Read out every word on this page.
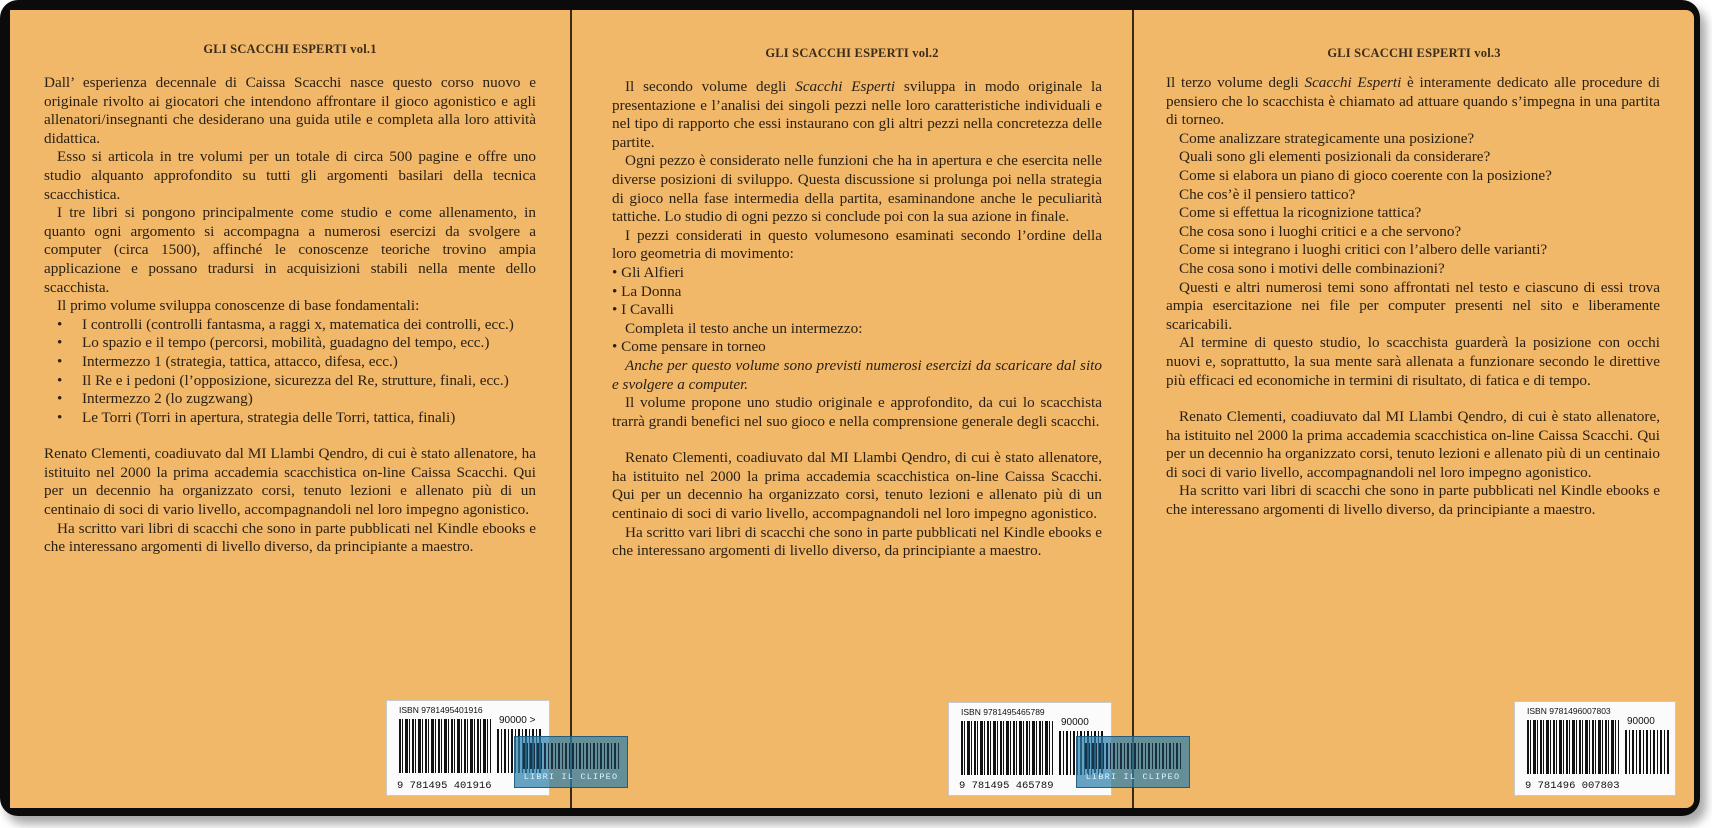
GLI SCACCHI ESPERTI vol.1

Dall’ esperienza decennale di Caissa Scacchi nasce questo corso nuovo e originale rivolto ai giocatori che intendono affrontare il gioco agonistico e agli allenatori/insegnanti che desiderano una guida utile e completa alla loro attività didattica.

Esso si articola in tre volumi per un totale di circa 500 pagine e offre uno studio alquanto approfondito su tutti gli argomenti basilari della tecnica scacchistica.

I tre libri si pongono principalmente come studio e come allenamento, in quanto ogni argomento si accompagna a numerosi esercizi da svolgere a computer (circa 1500), affinché le conoscenze teoriche trovino ampia applicazione e possano tradursi in acquisizioni stabili nella mente dello scacchista.

Il primo volume sviluppa conoscenze di base fondamentali:

• I controlli (controlli fantasma, a raggi x, matematica dei controlli, ecc.)
• Lo spazio e il tempo (percorsi, mobilità, guadagno del tempo, ecc.)
• Intermezzo 1 (strategia, tattica, attacco, difesa, ecc.)
• Il Re e i pedoni (l’opposizione, sicurezza del Re, strutture, finali, ecc.)
• Intermezzo 2 (lo zugzwang)
• Le Torri (Torri in apertura, strategia delle Torri, tattica, finali)

Renato Clementi, coadiuvato dal MI Llambi Qendro, di cui è stato allenatore, ha istituito nel 2000 la prima accademia scacchistica on-line Caissa Scacchi. Qui per un decennio ha organizzato corsi, tenuto lezioni e allenato più di un centinaio di soci di vario livello, accompagnandoli nel loro impegno agonistico.

Ha scritto vari libri di scacchi che sono in parte pubblicati nel Kindle ebooks e che interessano argomenti di livello diverso, da principiante a maestro.

GLI SCACCHI ESPERTI vol.2

Il secondo volume degli Scacchi Esperti sviluppa in modo originale la presentazione e l’analisi dei singoli pezzi nelle loro caratteristiche individuali e nel tipo di rapporto che essi instaurano con gli altri pezzi nella concretezza delle partite.

Ogni pezzo è considerato nelle funzioni che ha in apertura e che esercita nelle diverse posizioni di sviluppo. Questa discussione si prolunga poi nella strategia di gioco nella fase intermedia della partita, esaminandone anche le peculiarità tattiche. Lo studio di ogni pezzo si conclude poi con la sua azione in finale.

I pezzi considerati in questo volumesono esaminati secondo l’ordine della loro geometria di movimento:

• Gli Alfieri

• La Donna

• I Cavalli

Completa il testo anche un intermezzo:

• Come pensare in torneo

Anche per questo volume sono previsti numerosi esercizi da scaricare dal sito e svolgere a computer.

Il volume propone uno studio originale e approfondito, da cui lo scacchista trarrà grandi benefici nel suo gioco e nella comprensione generale degli scacchi.

Renato Clementi, coadiuvato dal MI Llambi Qendro, di cui è stato allenatore, ha istituito nel 2000 la prima accademia scacchistica on-line Caissa Scacchi. Qui per un decennio ha organizzato corsi, tenuto lezioni e allenato più di un centinaio di soci di vario livello, accompagnandoli nel loro impegno agonistico.

Ha scritto vari libri di scacchi che sono in parte pubblicati nel Kindle ebooks e che interessano argomenti di livello diverso, da principiante a maestro.

GLI SCACCHI ESPERTI vol.3

Il terzo volume degli Scacchi Esperti è interamente dedicato alle procedure di pensiero che lo scacchista è chiamato ad attuare quando s’impegna in una partita di torneo.

Come analizzare strategicamente una posizione?

Quali sono gli elementi posizionali da considerare?

Come si elabora un piano di gioco coerente con la posizione?

Che cos’è il pensiero tattico?

Come si effettua la ricognizione tattica?

Che cosa sono i luoghi critici e a che servono?

Come si integrano i luoghi critici con l’albero delle varianti?

Che cosa sono i motivi delle combinazioni?

Questi e altri numerosi temi sono affrontati nel testo e ciascuno di essi trova ampia esercitazione nei file per computer presenti nel sito e liberamente scaricabili.

Al termine di questo studio, lo scacchista guarderà la posizione con occhi nuovi e, soprattutto, la sua mente sarà allenata a funzionare secondo le direttive più efficaci ed economiche in termini di risultato, di fatica e di tempo.

Renato Clementi, coadiuvato dal MI Llambi Qendro, di cui è stato allenatore, ha istituito nel 2000 la prima accademia scacchistica on-line Caissa Scacchi. Qui per un decennio ha organizzato corsi, tenuto lezioni e allenato più di un centinaio di soci di vario livello, accompagnandoli nel loro impegno agonistico.

Ha scritto vari libri di scacchi che sono in parte pubblicati nel Kindle ebooks e che interessano argomenti di livello diverso, da principiante a maestro.

ISBN 9781495401916
90000 >
9 781495 401916
ISBN 9781495465789
90000
9 781495 465789
ISBN 9781496007803
90000
9 781496 007803
LIBRI IL CLIPEO	LIBRI IL CLIPEO
